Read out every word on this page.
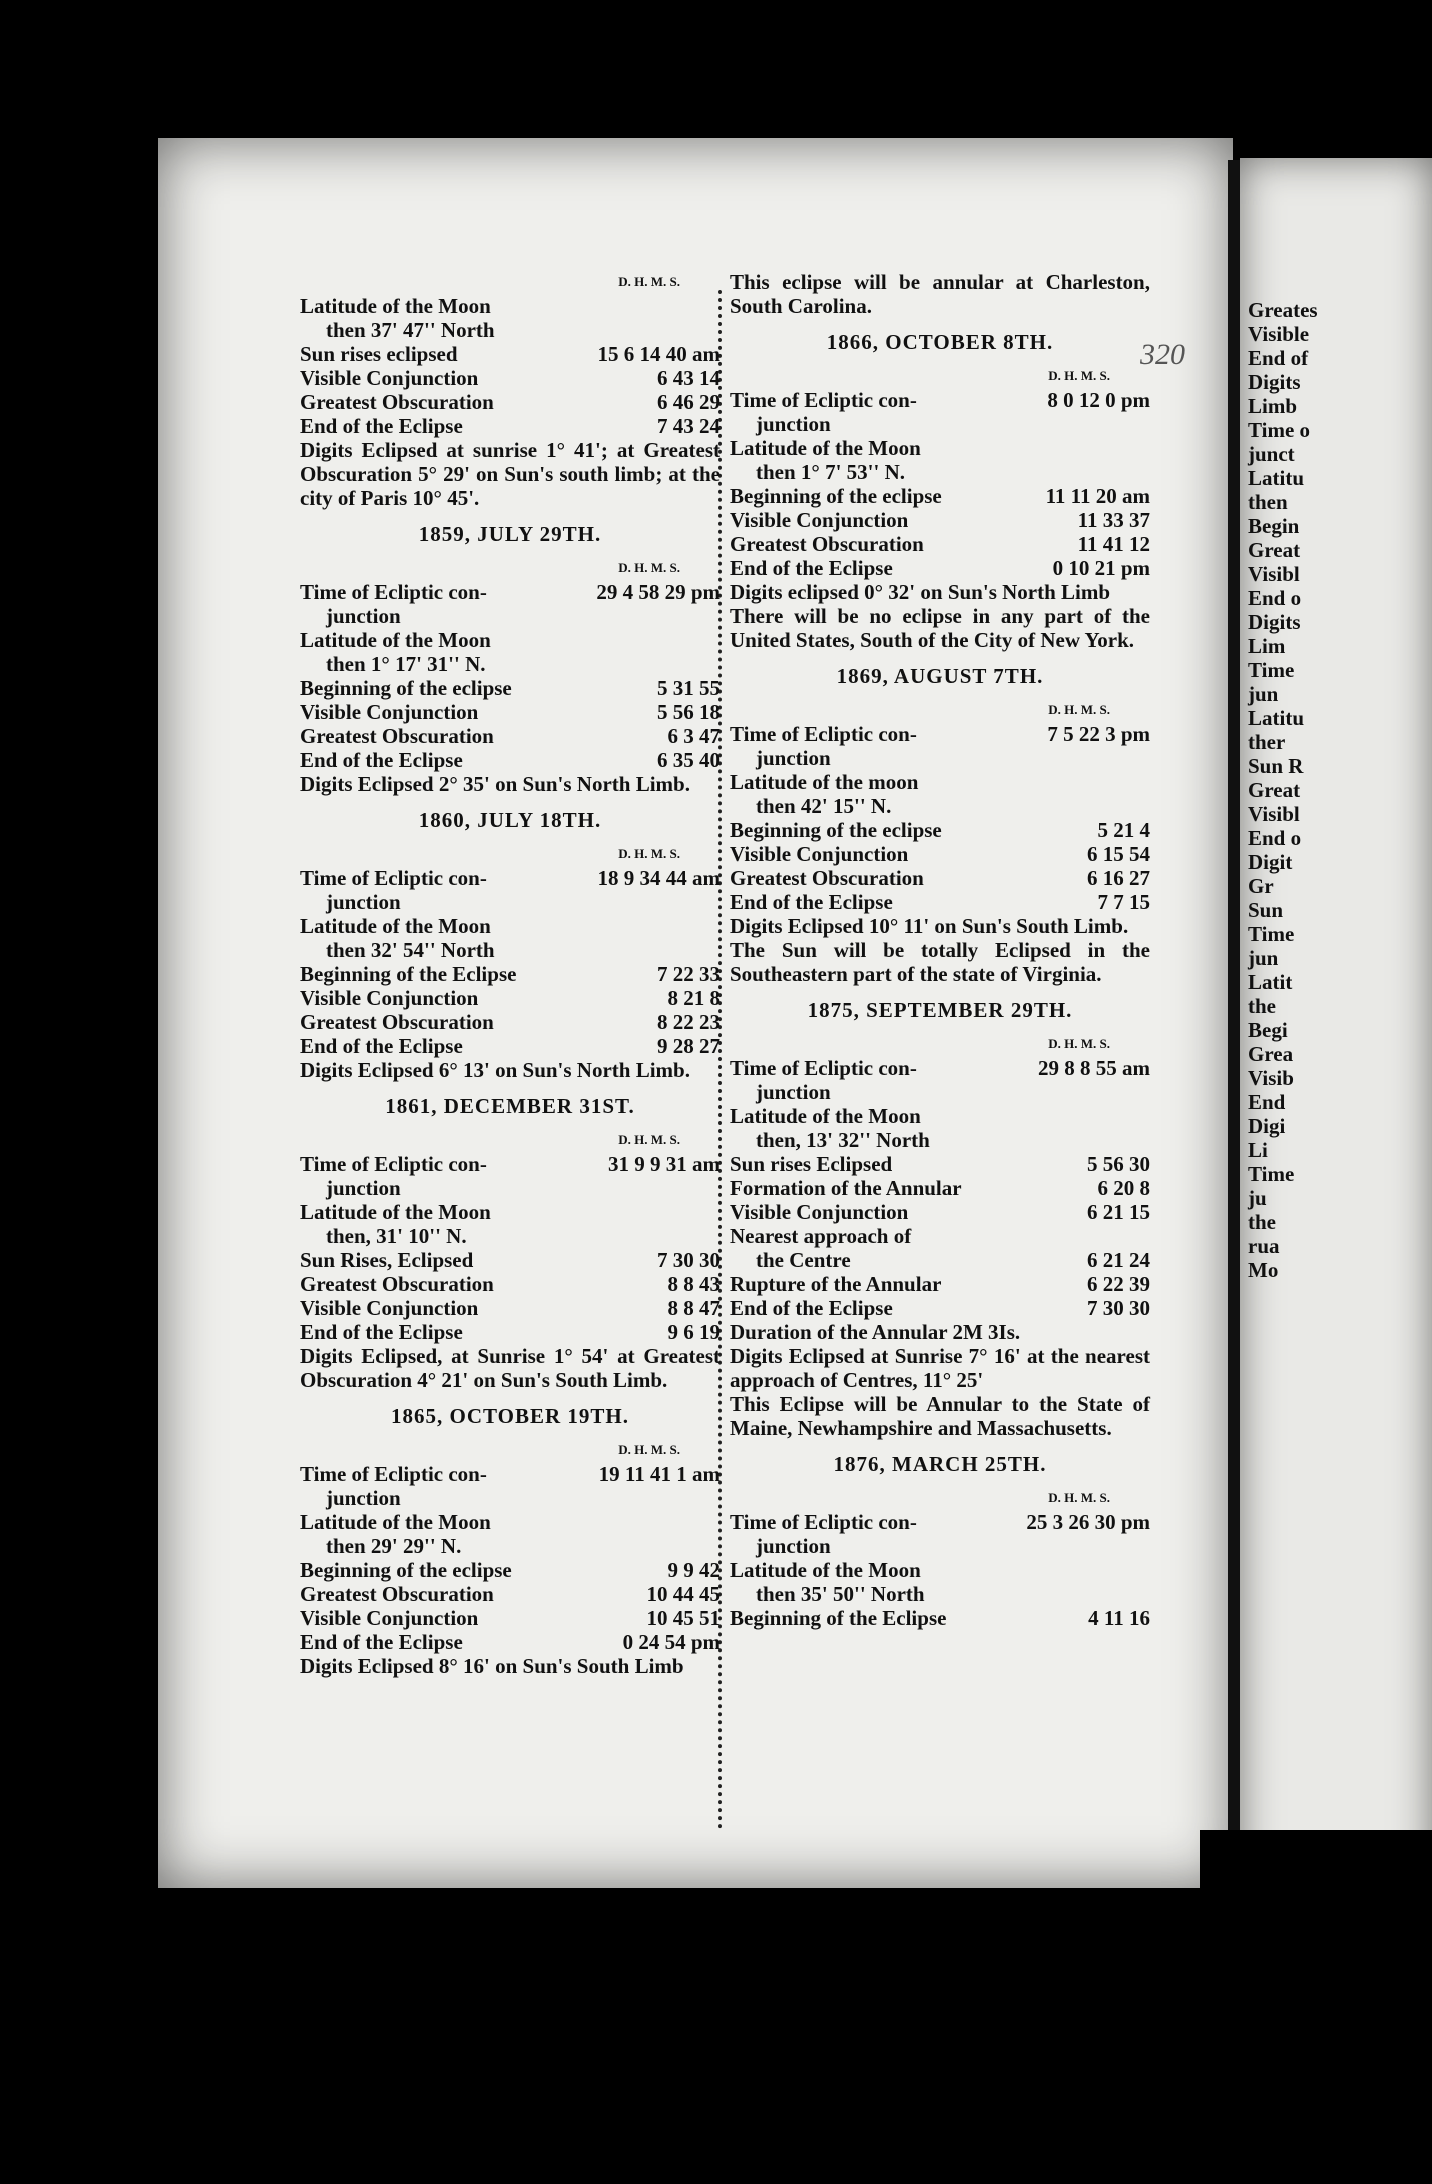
Greates
Visible
End of
Digits
Limb
Time o
junct
Latitu
then
Begin
Great
Visibl
End o
Digits
Lim
Time
jun
Latitu
ther
Sun R
Great
Visibl
End o
Digit
Gr
Sun
Time
jun
Latit
the
Begi
Grea
Visib
End
Digi
Li
Time
ju
the
rua
Mo
320
D. H. M. S.
Latitude of the Moon
then 37' 47'' North
Sun rises eclipsed	15 6 14 40 am
Visible Conjunction	6 43 14
Greatest Obscuration	6 46 29
End of the Eclipse	7 43 24
Digits Eclipsed at sunrise 1° 41'; at Greatest Obscuration 5° 29' on Sun's south limb; at the city of Paris 10° 45'.
1859, JULY 29TH.
D. H. M. S.
Time of Ecliptic con-	29 4 58 29 pm
junction
Latitude of the Moon
then 1° 17' 31'' N.
Beginning of the eclipse	5 31 55
Visible Conjunction	5 56 18
Greatest Obscuration	6 3 47
End of the Eclipse	6 35 40
Digits Eclipsed 2° 35' on Sun's North Limb.
1860, JULY 18TH.
D. H. M. S.
Time of Ecliptic con-	18 9 34 44 am
junction
Latitude of the Moon
then 32' 54'' North
Beginning of the Eclipse	7 22 33
Visible Conjunction	8 21 8
Greatest Obscuration	8 22 23
End of the Eclipse	9 28 27
Digits Eclipsed 6° 13' on Sun's North Limb.
1861, DECEMBER 31ST.
D. H. M. S.
Time of Ecliptic con-	31 9 9 31 am
junction
Latitude of the Moon
then, 31' 10'' N.
Sun Rises, Eclipsed	7 30 30
Greatest Obscuration	8 8 43
Visible Conjunction	8 8 47
End of the Eclipse	9 6 19
Digits Eclipsed, at Sunrise 1° 54' at Greatest Obscuration 4° 21' on Sun's South Limb.
1865, OCTOBER 19TH.
D. H. M. S.
Time of Ecliptic con-	19 11 41 1 am
junction
Latitude of the Moon
then 29' 29'' N.
Beginning of the eclipse	9 9 42
Greatest Obscuration	10 44 45
Visible Conjunction	10 45 51
End of the Eclipse	0 24 54 pm
Digits Eclipsed 8° 16' on Sun's South Limb
This eclipse will be annular at Charleston, South Carolina.
1866, OCTOBER 8TH.
D. H. M. S.
Time of Ecliptic con-	8 0 12 0 pm
junction
Latitude of the Moon
then 1° 7' 53'' N.
Beginning of the eclipse	11 11 20 am
Visible Conjunction	11 33 37
Greatest Obscuration	11 41 12
End of the Eclipse	0 10 21 pm
Digits eclipsed 0° 32' on Sun's North Limb
There will be no eclipse in any part of the United States, South of the City of New York.
1869, AUGUST 7TH.
D. H. M. S.
Time of Ecliptic con-	7 5 22 3 pm
junction
Latitude of the moon
then 42' 15'' N.
Beginning of the eclipse	5 21 4
Visible Conjunction	6 15 54
Greatest Obscuration	6 16 27
End of the Eclipse	7 7 15
Digits Eclipsed 10° 11' on Sun's South Limb.
The Sun will be totally Eclipsed in the Southeastern part of the state of Virginia.
1875, SEPTEMBER 29TH.
D. H. M. S.
Time of Ecliptic con-	29 8 8 55 am
junction
Latitude of the Moon
then, 13' 32'' North
Sun rises Eclipsed	5 56 30
Formation of the Annular	6 20 8
Visible Conjunction	6 21 15
Nearest approach of
the Centre	6 21 24
Rupture of the Annular	6 22 39
End of the Eclipse	7 30 30
Duration of the Annular 2M 3Is.
Digits Eclipsed at Sunrise 7° 16' at the nearest approach of Centres, 11° 25'
This Eclipse will be Annular to the State of Maine, Newhampshire and Massachusetts.
1876, MARCH 25TH.
D. H. M. S.
Time of Ecliptic con-	25 3 26 30 pm
junction
Latitude of the Moon
then 35' 50'' North
Beginning of the Eclipse	4 11 16
